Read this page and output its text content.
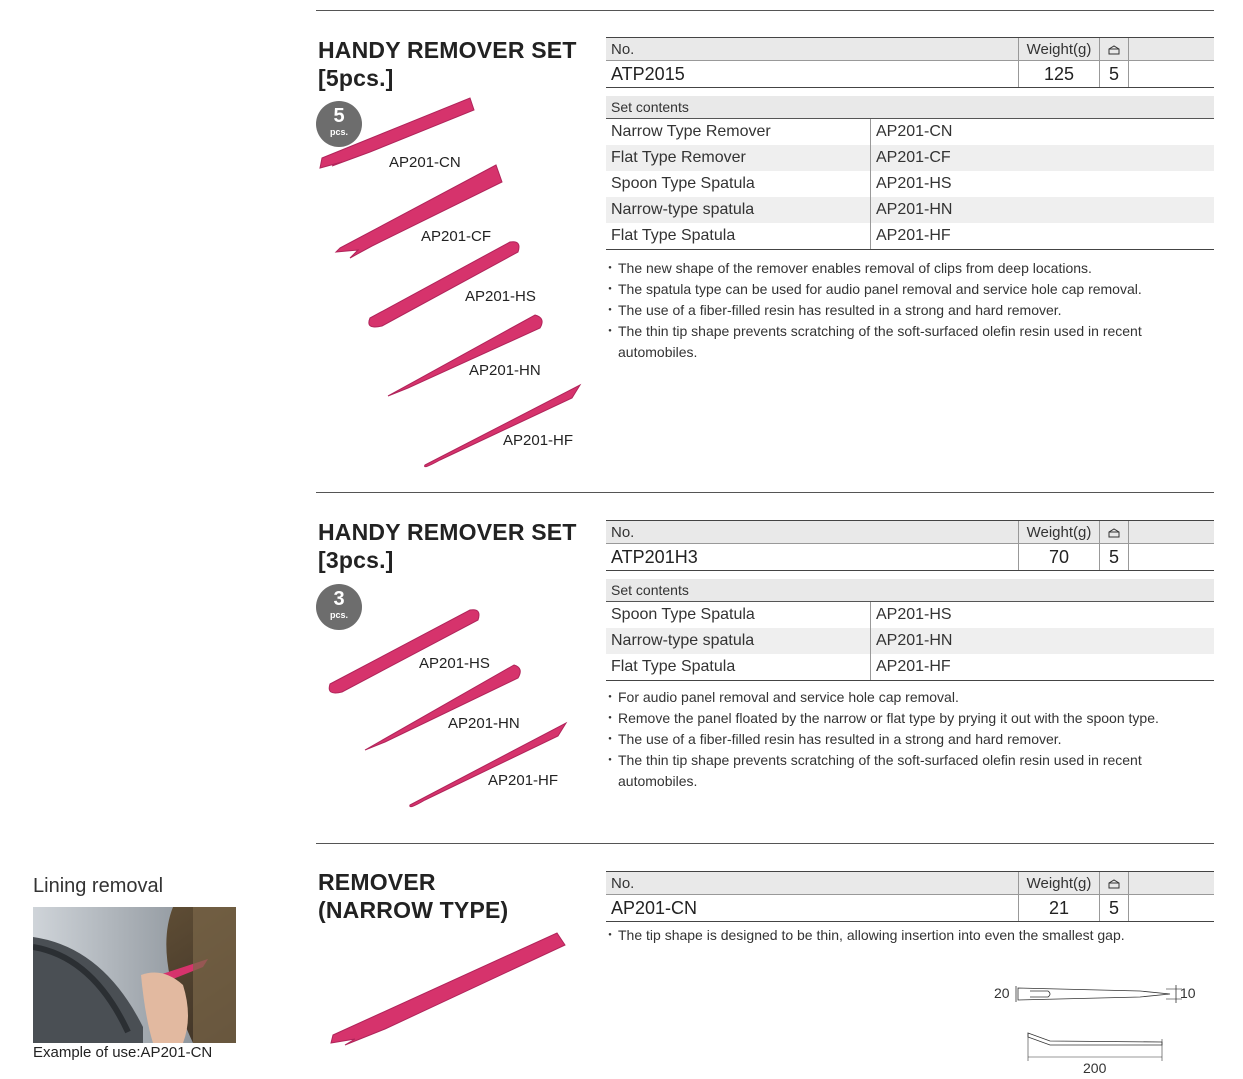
HANDY REMOVER SET
[5pcs.]
5
pcs.
AP201-CN
AP201-CF
AP201-HS
AP201-HN
AP201-HF
No.	Weight(g)		
ATP2015	125	5	
Set contents	
Narrow Type Remover	AP201-CN
Flat Type Remover	AP201-CF
Spoon Type Spatula	AP201-HS
Narrow-type spatula	AP201-HN
Flat Type Spatula	AP201-HF
・ The new shape of the remover enables removal of clips from deep locations.
・ The spatula type can be used for audio panel removal and service hole cap removal.
・ The use of a fiber-filled resin has resulted in a strong and hard remover.
・ The thin tip shape prevents scratching of the soft-surfaced olefin resin used in recent automobiles.
HANDY REMOVER SET
[3pcs.]
3
pcs.
AP201-HS
AP201-HN
AP201-HF
No.	Weight(g)		
ATP201H3	70	5	
Set contents	
Spoon Type Spatula	AP201-HS
Narrow-type spatula	AP201-HN
Flat Type Spatula	AP201-HF
・ For audio panel removal and service hole cap removal.
・ Remove the panel floated by the narrow or flat type by prying it out with the spoon type.
・ The use of a fiber-filled resin has resulted in a strong and hard remover.
・ The thin tip shape prevents scratching of the soft-surfaced olefin resin used in recent automobiles.
REMOVER
(NARROW TYPE)
No.	Weight(g)		
AP201-CN	21	5	
・ The tip shape is designed to be thin, allowing insertion into even the smallest gap.
20	10
200
Lining removal
Example of use:AP201-CN
